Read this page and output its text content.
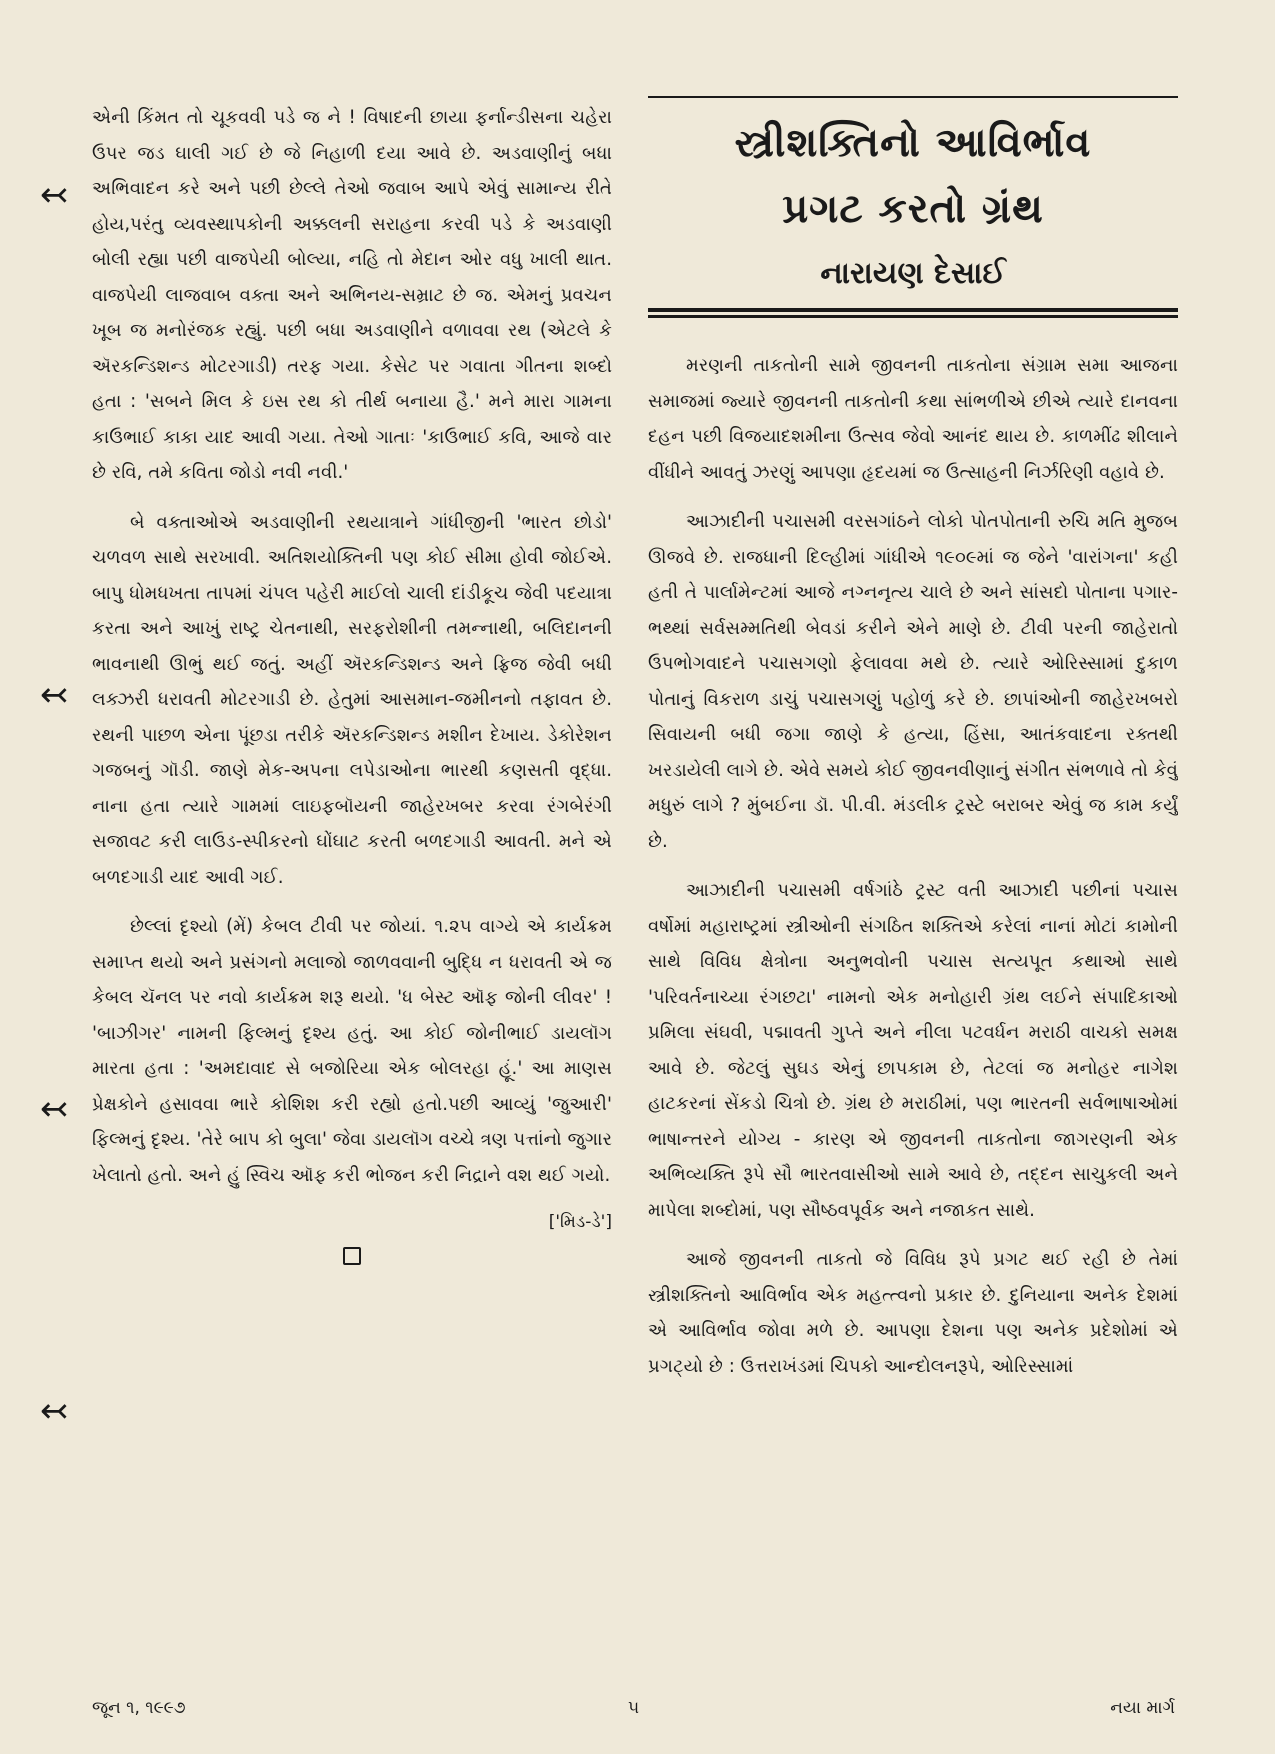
↢
↢
↢
↢

એની કિંમત તો ચૂકવવી પડે જ ને ! વિષાદની છાયા ફર્નાન્ડીસના ચહેરા ઉપર જડ ઘાલી ગઈ છે જે નિહાળી દયા આવે છે. અડવાણીનું બધા અભિવાદન કરે અને પછી છેલ્લે તેઓ જવાબ આપે એવું સામાન્ય રીતે હોય,પરંતુ વ્યવસ્થાપકોની અક્કલની સરાહના કરવી પડે કે અડવાણી બોલી રહ્યા પછી વાજપેયી બોલ્યા, નહિ તો મેદાન ઓર વધુ ખાલી થાત. વાજપેયી લાજવાબ વક્તા અને અભિનય-સમ્રાટ છે જ. એમનું પ્રવચન ખૂબ જ મનોરંજક રહ્યું. પછી બધા અડવાણીને વળાવવા રથ (એટલે કે ઍરકન્ડિશન્ડ મોટરગાડી) તરફ ગયા. કેસેટ પર ગવાતા ગીતના શબ્દો હતા : 'સબને મિલ કે ઇસ રથ કો તીર્થ બનાયા હૈ.' મને મારા ગામના કાઉભાઈ કાકા યાદ આવી ગયા. તેઓ ગાતાઃ 'કાઉભાઈ કવિ, આજે વાર છે રવિ, તમે કવિતા જોડો નવી નવી.'

બે વક્તાઓએ અડવાણીની રથયાત્રાને ગાંધીજીની 'ભારત છોડો' ચળવળ સાથે સરખાવી. અતિશયોક્તિની પણ કોઈ સીમા હોવી જોઈએ. બાપુ ધોમધખતા તાપમાં ચંપલ પહેરી માઈલો ચાલી દાંડીકૂચ જેવી પદયાત્રા કરતા અને આખું રાષ્ટ્ર ચેતનાથી, સરફરોશીની તમન્નાથી, બલિદાનની ભાવનાથી ઊભું થઈ જતું. અહીં ઍરકન્ડિશન્ડ અને ફ્રિજ જેવી બધી લક્ઝરી ધરાવતી મોટરગાડી છે. હેતુમાં આસમાન-જમીનનો તફાવત છે. રથની પાછળ એના પૂંછડા તરીકે ઍરકન્ડિશન્ડ મશીન દેખાય. ડેકોરેશન ગજબનું ગૉડી. જાણે મેક-અપના લપેડાઓના ભારથી કણસતી વૃદ્ધા. નાના હતા ત્યારે ગામમાં લાઇફબૉયની જાહેરખબર કરવા રંગબેરંગી સજાવટ કરી લાઉડ-સ્પીકરનો ઘોંઘાટ કરતી બળદગાડી આવતી. મને એ બળદગાડી યાદ આવી ગઈ.

છેલ્લાં દૃશ્યો (મેં) કેબલ ટીવી પર જોયાં. ૧.૨૫ વાગ્યે એ કાર્યક્રમ સમાપ્ત થયો અને પ્રસંગનો મલાજો જાળવવાની બુદ્ધિ ન ધરાવતી એ જ કેબલ ચૅનલ પર નવો કાર્યક્રમ શરૂ થયો. 'ધ બેસ્ટ ઑફ જોની લીવર' ! 'બાઝીગર' નામની ફિલ્મનું દૃશ્ય હતું. આ કોઈ જોનીભાઈ ડાયલૉગ મારતા હતા : 'અમદાવાદ સે બજોરિયા એક બોલરહા હૂં.' આ માણસ પ્રેક્ષકોને હસાવવા ભારે કોશિશ કરી રહ્યો હતો.પછી આવ્યું 'જુઆરી' ફિલ્મનું દૃશ્ય. 'તેરે બાપ કો બુલા' જેવા ડાયલૉગ વચ્ચે ત્રણ પત્તાંનો જુગાર ખેલાતો હતો. અને હું સ્વિચ ઑફ કરી ભોજન કરી નિદ્રાને વશ થઈ ગયો.

['મિડ-ડે']

સ્ત્રીશક્તિનો આવિર્ભાવ
પ્રગટ કરતો ગ્રંથ
નારાયણ દેસાઈ

મરણની તાકતોની સામે જીવનની તાકતોના સંગ્રામ સમા આજના સમાજમાં જ્યારે જીવનની તાકતોની કથા સાંભળીએ છીએ ત્યારે દાનવના દહન પછી વિજયાદશમીના ઉત્સવ જેવો આનંદ થાય છે. કાળમીંઢ શીલાને વીંધીને આવતું ઝરણું આપણા હૃદયમાં જ ઉત્સાહની નિર્ઝરિણી વહાવે છે.

આઝાદીની પચાસમી વરસગાંઠને લોકો પોતપોતાની રુચિ મતિ મુજબ ઊજવે છે. રાજધાની દિલ્હીમાં ગાંધીએ ૧૯૦૯માં જ જેને 'વારાંગના' કહી હતી તે પાર્લામેન્ટમાં આજે નગ્નનૃત્ય ચાલે છે અને સાંસદો પોતાના પગાર- ભથ્થાં સર્વસમ્મતિથી બેવડાં કરીને એને માણે છે. ટીવી પરની જાહેરાતો ઉપભોગવાદને પચાસગણો ફેલાવવા મથે છે. ત્યારે ઓરિસ્સામાં દુકાળ પોતાનું વિકરાળ ડાચું પચાસગણું પહોળું કરે છે. છાપાંઓની જાહેરખબરો સિવાયની બધી જગા જાણે કે હત્યા, હિંસા, આતંકવાદના રક્તથી ખરડાયેલી લાગે છે. એવે સમયે કોઈ જીવનવીણાનું સંગીત સંભળાવે તો કેવું મધુરું લાગે ? મુંબઈના ડૉ. પી.વી. મંડલીક ટ્રસ્ટે બરાબર એવું જ કામ કર્યું છે.

આઝાદીની પચાસમી વર્ષગાંઠે ટ્રસ્ટ વતી આઝાદી પછીનાં પચાસ વર્ષોમાં મહારાષ્ટ્રમાં સ્ત્રીઓની સંગઠિત શક્તિએ કરેલાં નાનાં મોટાં કામોની સાથે વિવિધ ક્ષેત્રોના અનુભવોની પચાસ સત્યપૂત કથાઓ સાથે 'પરિવર્તનાચ્યા રંગછટા' નામનો એક મનોહારી ગ્રંથ લઈને સંપાદિકાઓ પ્રમિલા સંઘવી, પદ્માવતી ગુપ્તે અને નીલા પટવર્ધન મરાઠી વાચકો સમક્ષ આવે છે. જેટલું સુઘડ એનું છાપકામ છે, તેટલાં જ મનોહર નાગેશ હાટકરનાં સેંકડો ચિત્રો છે. ગ્રંથ છે મરાઠીમાં, પણ ભારતની સર્વભાષાઓમાં ભાષાન્તરને યોગ્ય - કારણ એ જીવનની તાકતોના જાગરણની એક અભિવ્યક્તિ રૂપે સૌ ભારતવાસીઓ સામે આવે છે, તદ્દન સાચુકલી અને માપેલા શબ્દોમાં, પણ સૌષ્ઠવપૂર્વક અને નજાકત સાથે.

આજે જીવનની તાકતો જે વિવિધ રૂપે પ્રગટ થઈ રહી છે તેમાં સ્ત્રીશક્તિનો આવિર્ભાવ એક મહત્ત્વનો પ્રકાર છે. દુનિયાના અનેક દેશમાં એ આવિર્ભાવ જોવા મળે છે. આપણા દેશના પણ અનેક પ્રદેશોમાં એ પ્રગટ્યો છે : ઉત્તરાખંડમાં ચિપકો આન્દોલનરૂપે, ઓરિસ્સામાં

જૂન ૧, ૧૯૯૭	૫	નયા માર્ગ
